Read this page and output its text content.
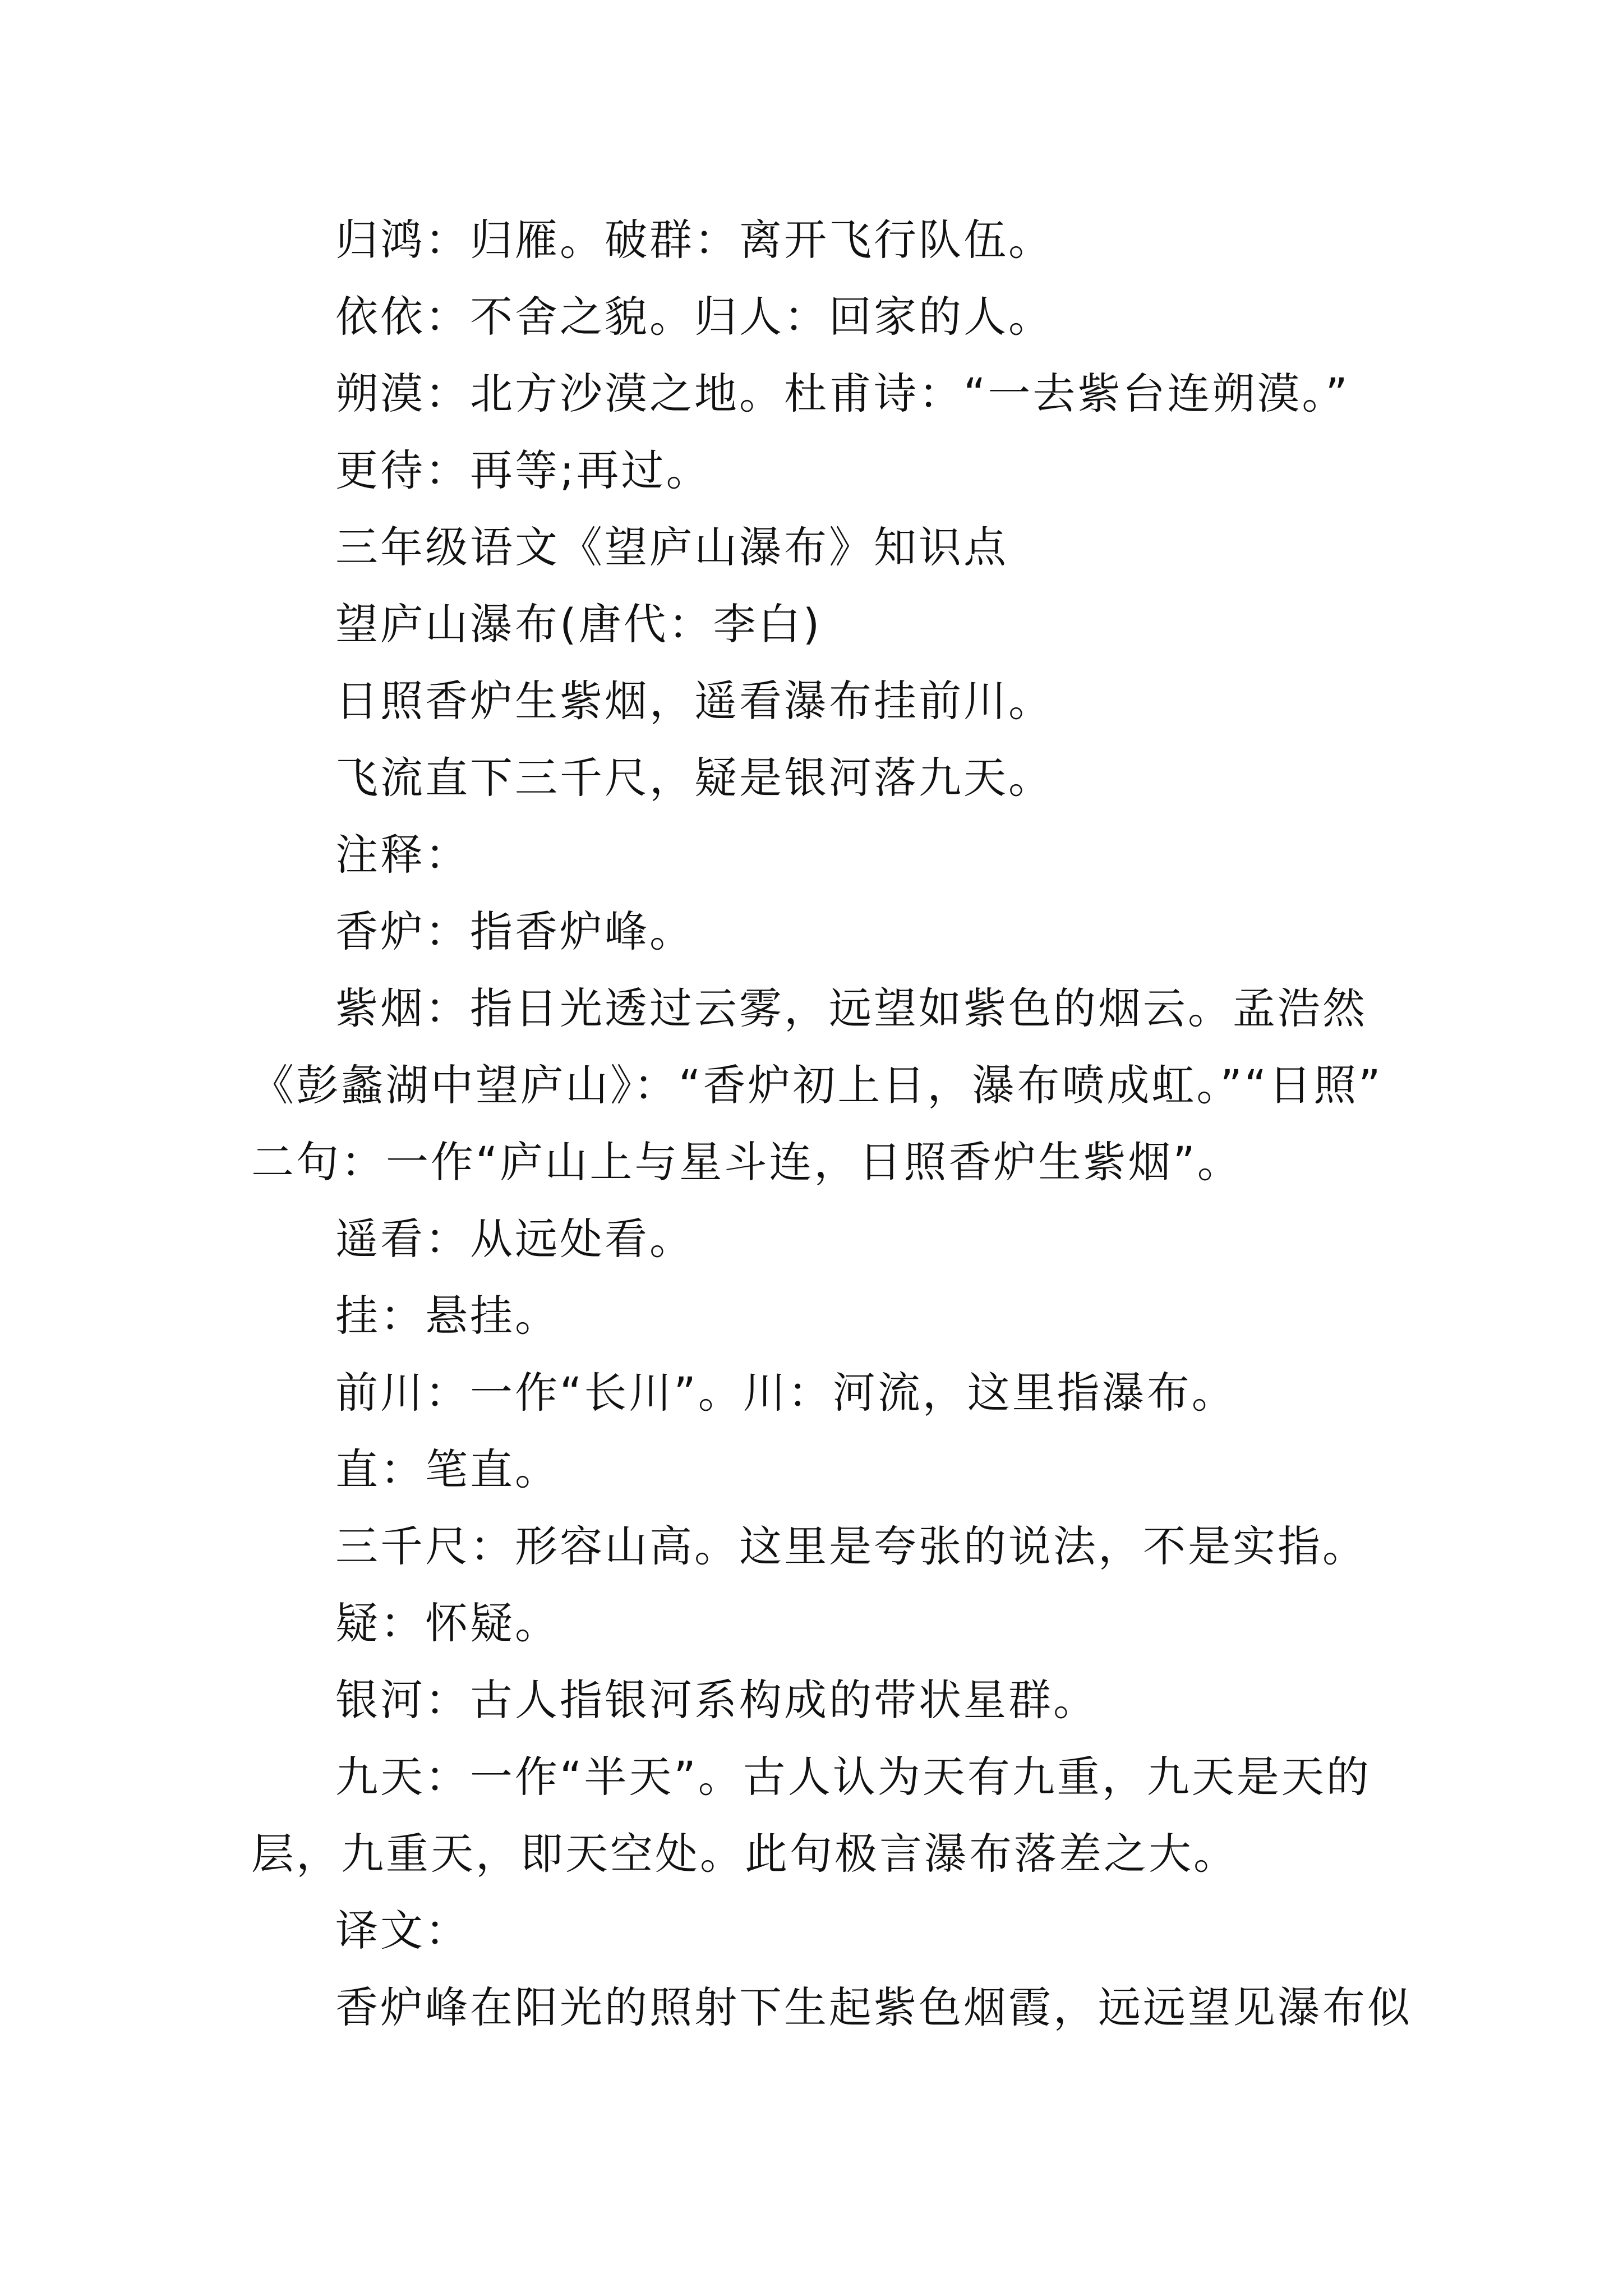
归鸿：归雁。破群：离开飞行队伍。
依依：不舍之貌。归人：回家的人。
朔漠：北方沙漠之地。杜甫诗：“一去紫台连朔漠。”
更待：再等;再过。
三年级语文《望庐山瀑布》知识点
望庐山瀑布(唐代：李白)
日照香炉生紫烟，遥看瀑布挂前川。
飞流直下三千尺，疑是银河落九天。
注释：
香炉：指香炉峰。
紫烟：指日光透过云雾，远望如紫色的烟云。孟浩然
《彭蠡湖中望庐山》：“香炉初上日，瀑布喷成虹。”“日照”
二句：一作“庐山上与星斗连，日照香炉生紫烟”。
遥看：从远处看。
挂：悬挂。
前川：一作“长川”。川：河流，这里指瀑布。
直：笔直。
三千尺：形容山高。这里是夸张的说法，不是实指。
疑：怀疑。
银河：古人指银河系构成的带状星群。
九天：一作“半天”。古人认为天有九重，九天是天的
层，九重天，即天空处。此句极言瀑布落差之大。
译文：
香炉峰在阳光的照射下生起紫色烟霞，远远望见瀑布似
